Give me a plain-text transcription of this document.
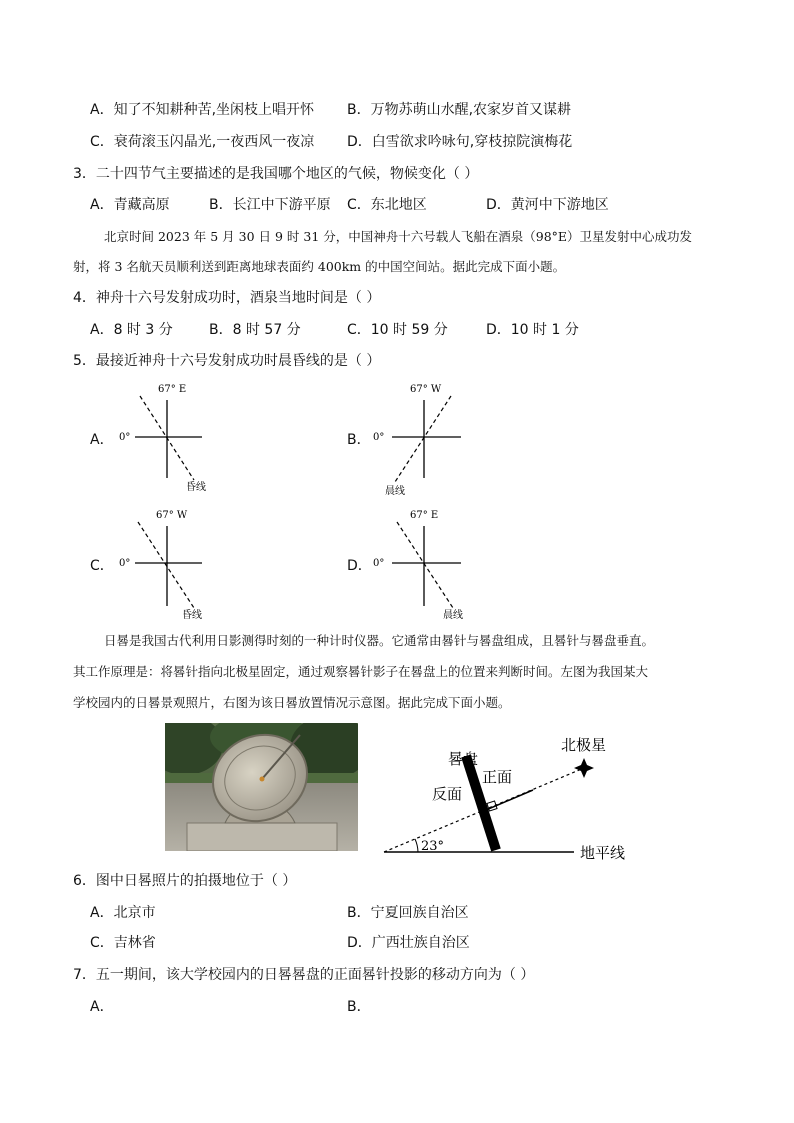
A．知了不知耕种苦,坐闲枝上唱开怀 B．万物苏萌山水醒,农家岁首又谋耕
C．衰荷滚玉闪晶光,一夜西风一夜凉 D．白雪欲求吟咏句,穿枝掠院演梅花
3．二十四节气主要描述的是我国哪个地区的气候，物候变化（ ）
A．青藏高原	B．长江中下游平原 C．东北地区	D．黄河中下游地区
北京时间 2023 年 5 月 30 日 9 时 31 分，中国神舟十六号载人飞船在酒泉（98°E）卫星发射中心成功发
射，将 3 名航天员顺利送到距离地球表面约 400km 的中国空间站。据此完成下面小题。
4．神舟十六号发射成功时，酒泉当地时间是（ ）
A．8 时 3 分	B．8 时 57 分	C．10 时 59 分	D．10 时 1 分
5．最接近神舟十六号发射成功时晨昏线的是（ ）
A．
67° E
0°
昏线
B．
67° W
0°
晨线
C．
67° W
0°
昏线
D．
67° E
0°
晨线
日晷是我国古代利用日影测得时刻的一种计时仪器。它通常由晷针与晷盘组成，且晷针与晷盘垂直。
其工作原理是：将晷针指向北极星固定，通过观察晷针影子在晷盘上的位置来判断时间。左图为我国某大
学校园内的日晷景观照片，右图为该日晷放置情况示意图。据此完成下面小题。
23°
晷盘
正面
反面
北极星
地平线
6．图中日晷照片的拍摄地位于（ ）
A．北京市	B．宁夏回族自治区
C．吉林省	D．广西壮族自治区
7．五一期间，该大学校园内的日晷晷盘的正面晷针投影的移动方向为（ ）
A．	B．
